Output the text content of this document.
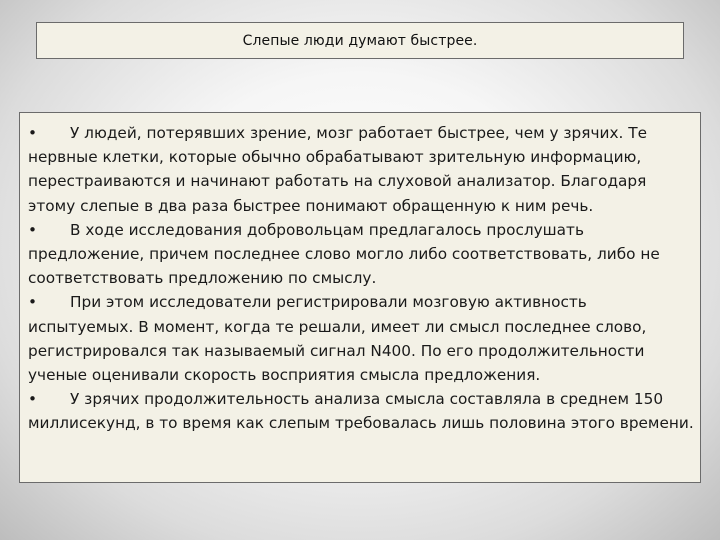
Слепые люди думают быстрее.

• У людей, потерявших зрение, мозг работает быстрее, чем у зрячих. Те нервные клетки, которые обычно обрабатывают зрительную информацию, перестраиваются и начинают работать на слуховой анализатор. Благодаря этому слепые в два раза быстрее понимают обращенную к ним речь.

• В ходе исследования добровольцам предлагалось прослушать предложение, причем последнее слово могло либо соответствовать, либо не соответствовать предложению по смыслу.

• При этом исследователи регистрировали мозговую активность испытуемых. В момент, когда те решали, имеет ли смысл последнее слово, регистрировался так называемый сигнал N400. По его продолжительности ученые оценивали скорость восприятия смысла предложения.

• У зрячих продолжительность анализа смысла составляла в среднем 150 миллисекунд, в то время как слепым требовалась лишь половина этого времени.
